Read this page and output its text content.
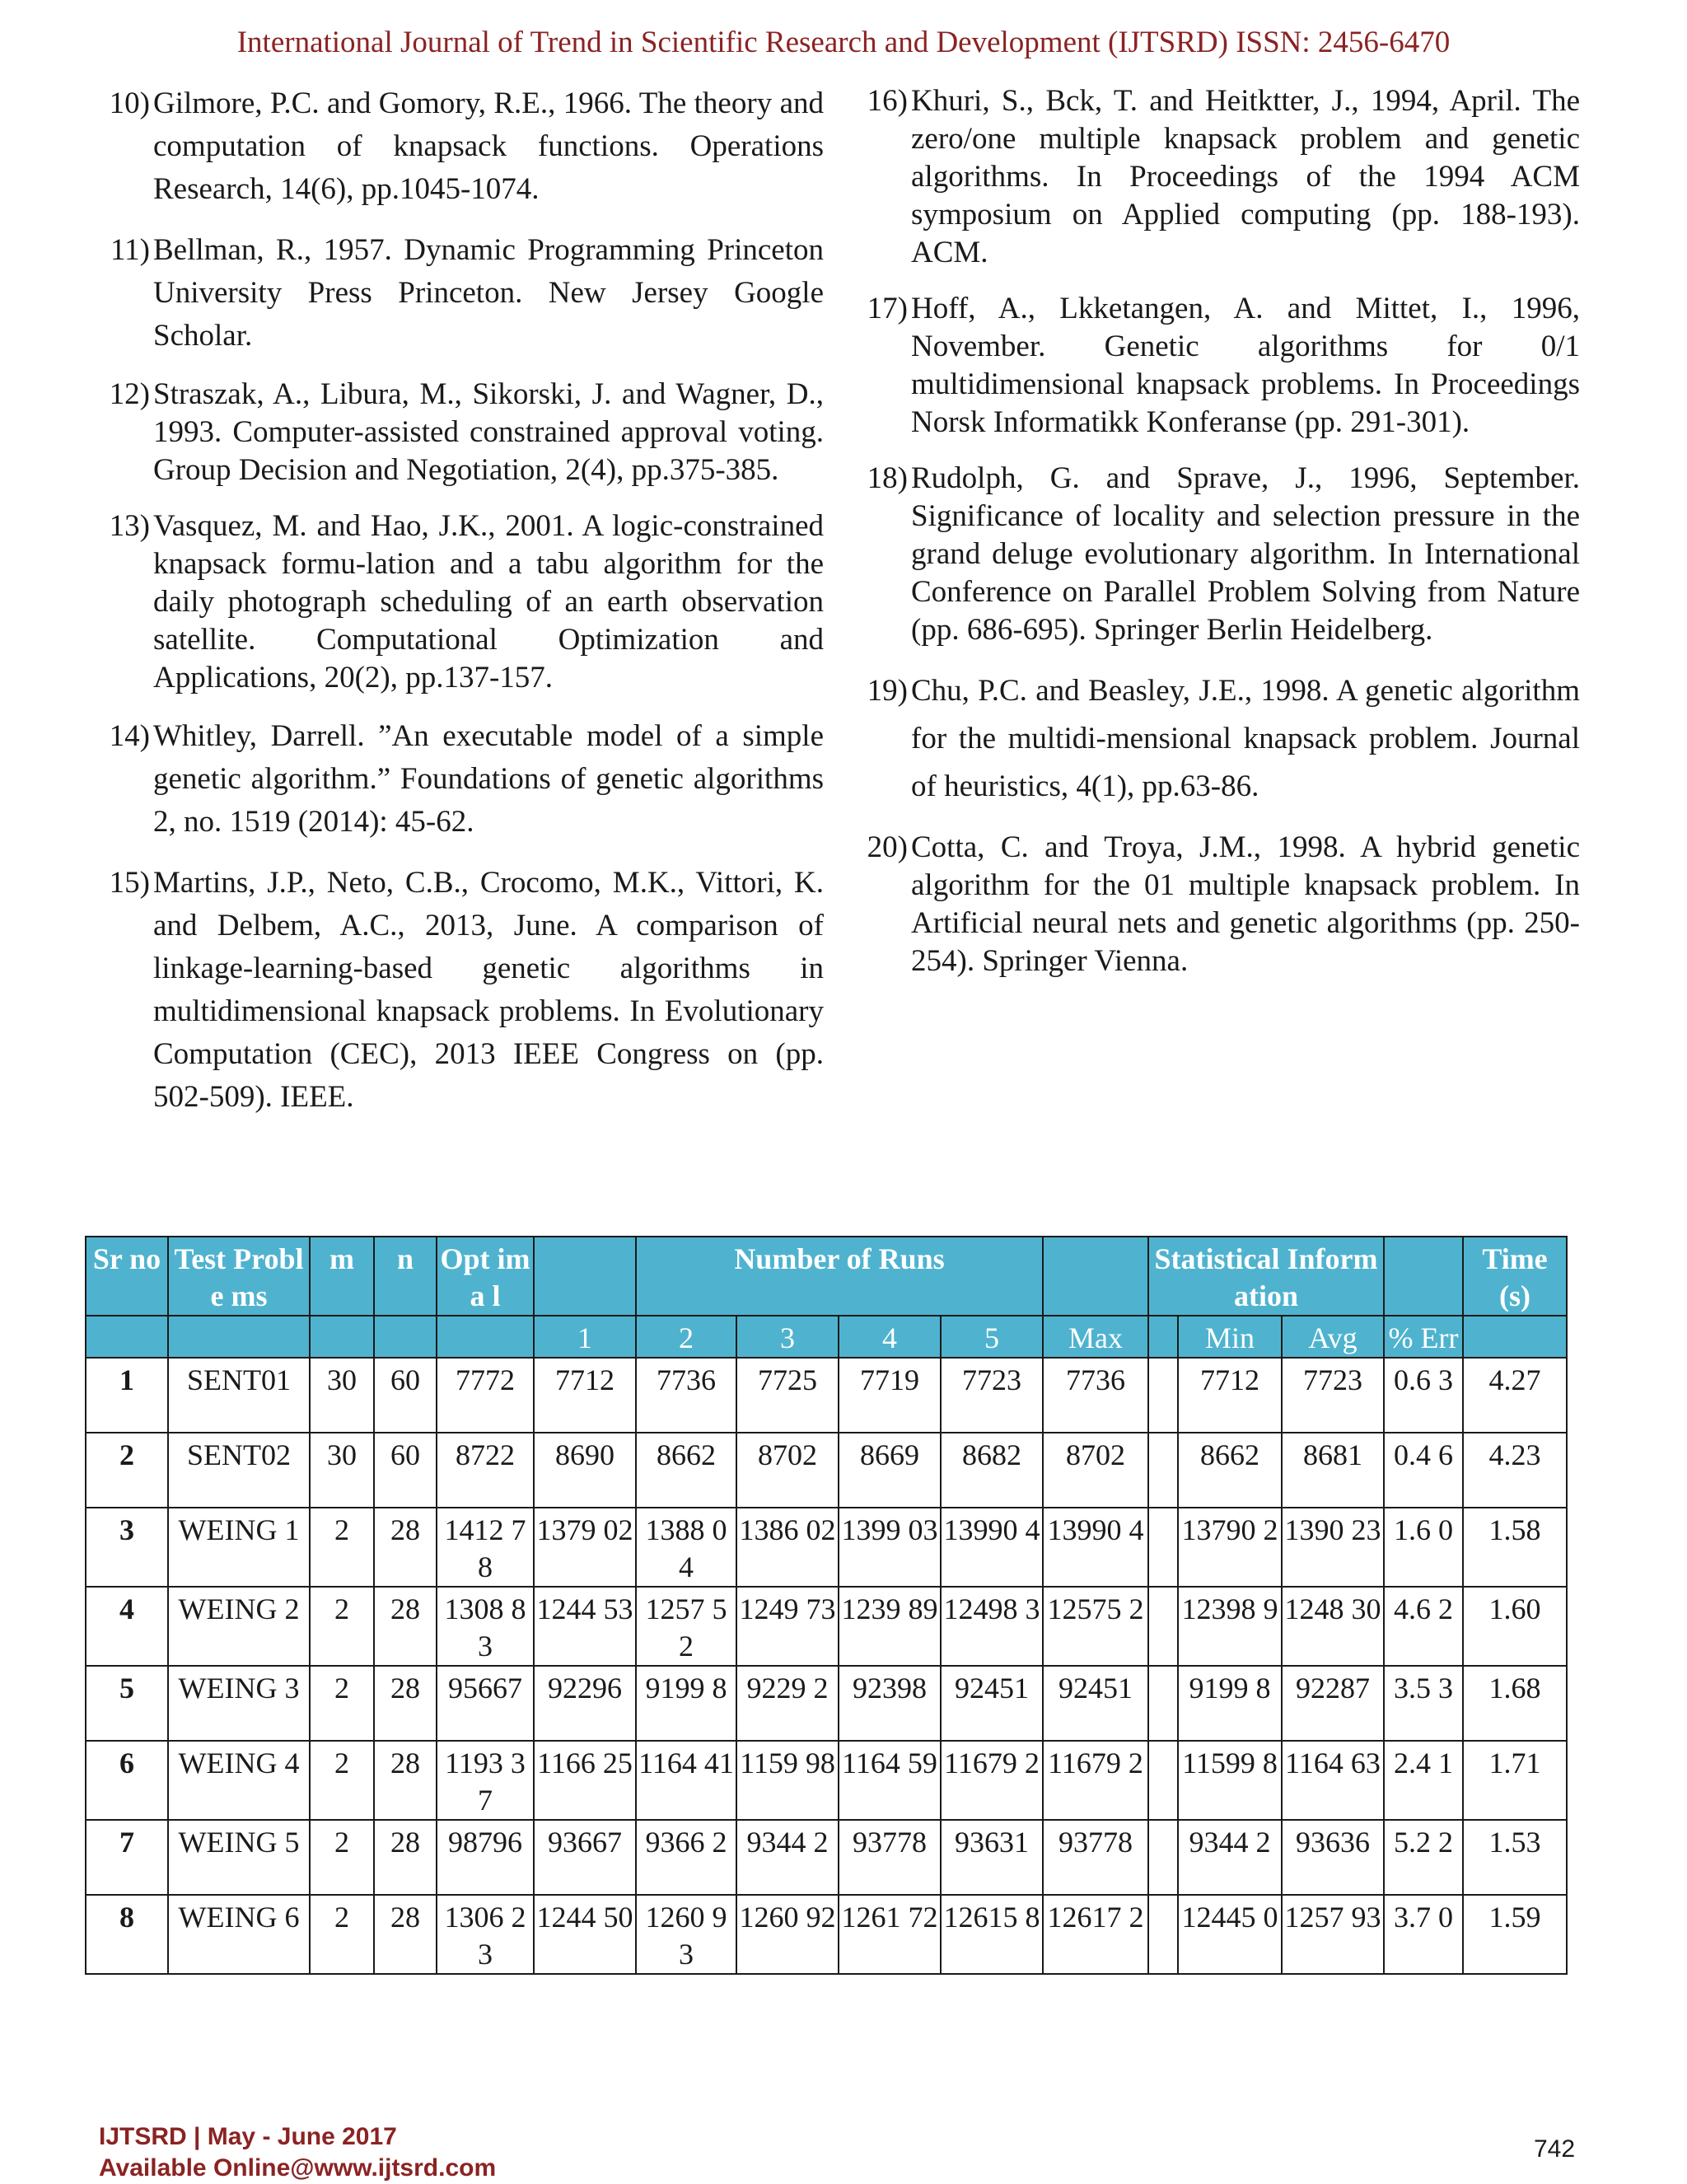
International Journal of Trend in Scientific Research and Development (IJTSRD) ISSN: 2456-6470
10) Gilmore, P.C. and Gomory, R.E., 1966. The theory and computation of knapsack functions. Operations Research, 14(6), pp.1045-1074.
11) Bellman, R., 1957. Dynamic Programming Princeton University Press Princeton. New Jersey Google Scholar.
12) Straszak, A., Libura, M., Sikorski, J. and Wagner, D., 1993. Computer-assisted constrained approval voting. Group Decision and Negotiation, 2(4), pp.375-385.
13) Vasquez, M. and Hao, J.K., 2001. A logic-constrained knapsack formu-lation and a tabu algorithm for the daily photograph scheduling of an earth observation satellite. Computational Optimization and Applications, 20(2), pp.137-157.
14) Whitley, Darrell. ”An executable model of a simple genetic algorithm.” Foundations of genetic algorithms 2, no. 1519 (2014): 45-62.
15) Martins, J.P., Neto, C.B., Crocomo, M.K., Vittori, K. and Delbem, A.C., 2013, June. A comparison of linkage-learning-based genetic algorithms in multidimensional knapsack problems. In Evolutionary Computation (CEC), 2013 IEEE Congress on (pp. 502-509). IEEE.
16) Khuri, S., Bck, T. and Heitktter, J., 1994, April. The zero/one multiple knapsack problem and genetic algorithms. In Proceedings of the 1994 ACM symposium on Applied computing (pp. 188-193). ACM.
17) Hoff, A., Lkketangen, A. and Mittet, I., 1996, November. Genetic algorithms for 0/1 multidimensional knapsack problems. In Proceedings Norsk Informatikk Konferanse (pp. 291-301).
18) Rudolph, G. and Sprave, J., 1996, September. Significance of locality and selection pressure in the grand deluge evolutionary algorithm. In International Conference on Parallel Problem Solving from Nature (pp. 686-695). Springer Berlin Heidelberg.
19) Chu, P.C. and Beasley, J.E., 1998. A genetic algorithm for the multidi-mensional knapsack problem. Journal of heuristics, 4(1), pp.63-86.
20) Cotta, C. and Troya, J.M., 1998. A hybrid genetic algorithm for the 01 multiple knapsack problem. In Artificial neural nets and genetic algorithms (pp. 250-254). Springer Vienna.
Sr no	Test Proble ms	m	n	Opt ima l		Number of Runs					Statistical Information				Time (s)
					1	2	3	4	5	Max		Min	Avg	% Err	
1	SENT01	30	60	7772	7712	7736	7725	7719	7723	7736		7712	7723	0.6 3	4.27
2	SENT02	30	60	8722	8690	8662	8702	8669	8682	8702		8662	8681	0.4 6	4.23
3	WEING 1	2	28	1412 78	1379 02	1388 04	1386 02	1399 03	13990 4	13990 4		13790 2	1390 23	1.6 0	1.58
4	WEING 2	2	28	1308 83	1244 53	1257 52	1249 73	1239 89	12498 3	12575 2		12398 9	1248 30	4.6 2	1.60
5	WEING 3	2	28	95667	92296	9199 8	9229 2	92398	92451	92451		9199 8	92287	3.5 3	1.68
6	WEING 4	2	28	1193 37	1166 25	1164 41	1159 98	1164 59	11679 2	11679 2		11599 8	1164 63	2.4 1	1.71
7	WEING 5	2	28	98796	93667	9366 2	9344 2	93778	93631	93778		9344 2	93636	5.2 2	1.53
8	WEING 6	2	28	1306 23	1244 50	1260 93	1260 92	1261 72	12615 8	12617 2		12445 0	1257 93	3.7 0	1.59
742
IJTSRD | May - June 2017
Available Online@www.ijtsrd.com
